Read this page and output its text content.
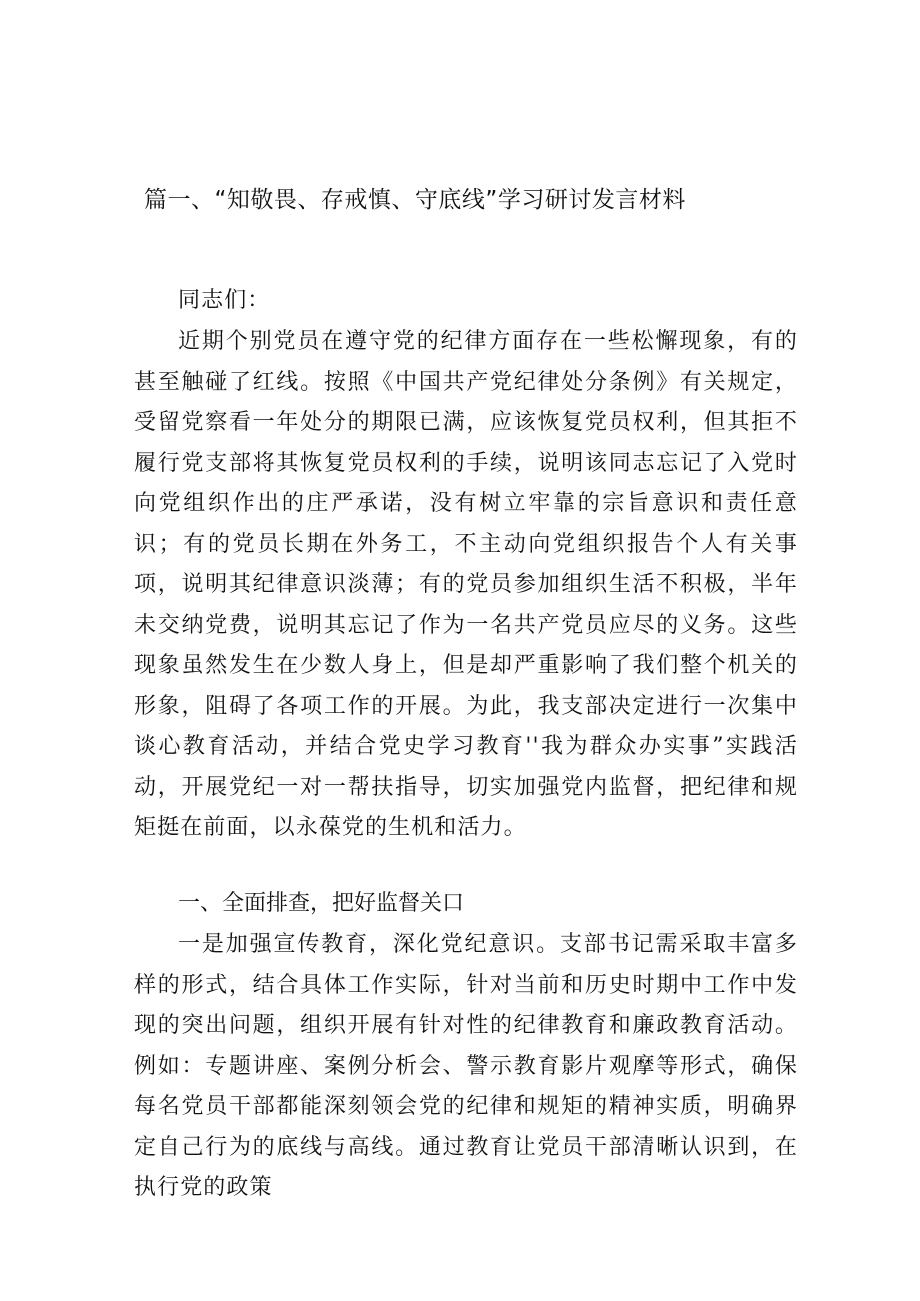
篇一、“知敬畏、存戒慎、守底线”学习研讨发言材料
同志们：
近期个别党员在遵守党的纪律方面存在一些松懈现象，有的甚至触碰了红线。按照《中国共产党纪律处分条例》有关规定，受留党察看一年处分的期限已满，应该恢复党员权利，但其拒不履行党支部将其恢复党员权利的手续，说明该同志忘记了入党时向党组织作出的庄严承诺，没有树立牢靠的宗旨意识和责任意识；有的党员长期在外务工，不主动向党组织报告个人有关事项，说明其纪律意识淡薄；有的党员参加组织生活不积极，半年未交纳党费，说明其忘记了作为一名共产党员应尽的义务。这些现象虽然发生在少数人身上，但是却严重影响了我们整个机关的形象，阻碍了各项工作的开展。为此，我支部决定进行一次集中谈心教育活动，并结合党史学习教育''我为群众办实事”实践活动，开展党纪一对一帮扶指导，切实加强党内监督，把纪律和规矩挺在前面，以永葆党的生机和活力。
一、全面排查，把好监督关口
一是加强宣传教育，深化党纪意识。支部书记需采取丰富多样的形式，结合具体工作实际，针对当前和历史时期中工作中发现的突出问题，组织开展有针对性的纪律教育和廉政教育活动。例如：专题讲座、案例分析会、警示教育影片观摩等形式，确保每名党员干部都能深刻领会党的纪律和规矩的精神实质，明确界定自己行为的底线与高线。通过教育让党员干部清晰认识到，在执行党的政策
